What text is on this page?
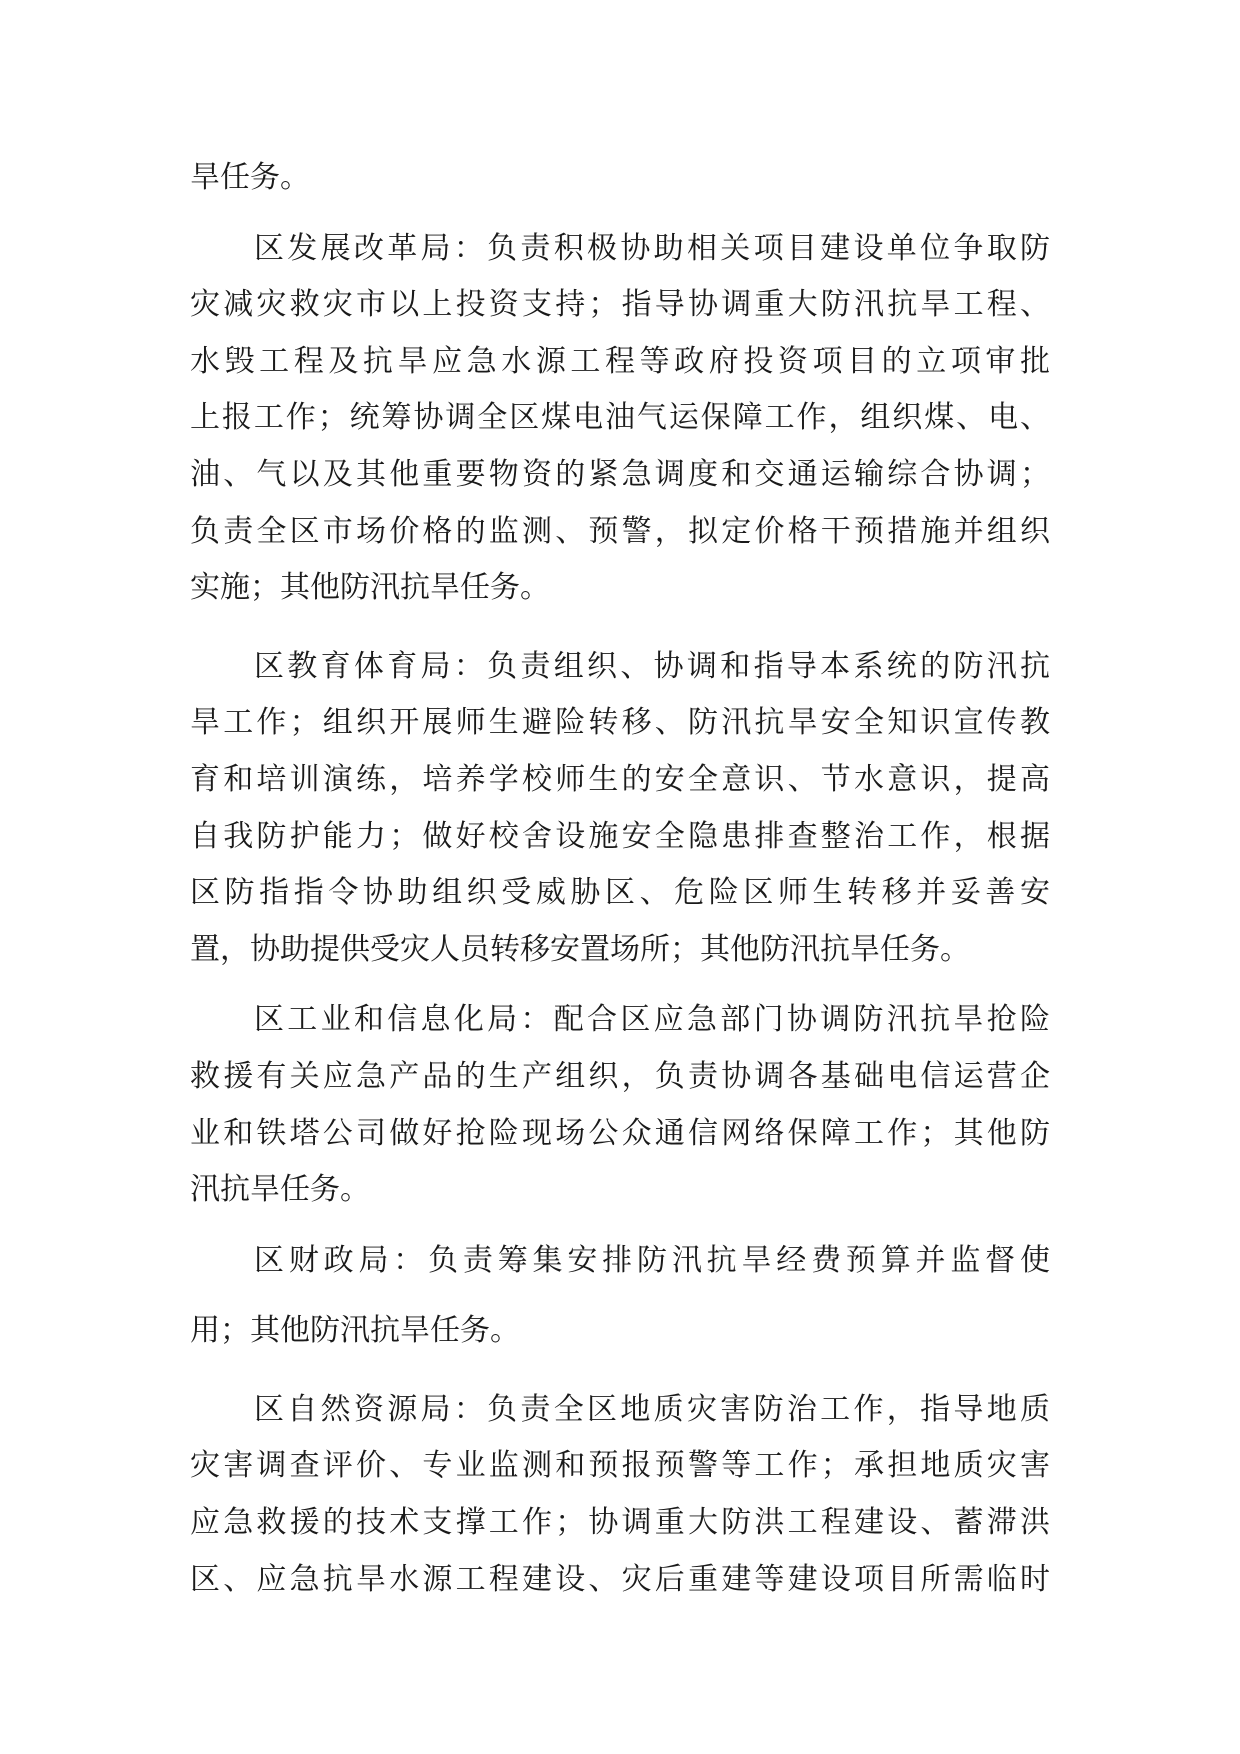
旱任务。
区发展改革局：负责积极协助相关项目建设单位争取防
灾减灾救灾市以上投资支持；指导协调重大防汛抗旱工程、
水毁工程及抗旱应急水源工程等政府投资项目的立项审批
上报工作；统筹协调全区煤电油气运保障工作，组织煤、电、
油、气以及其他重要物资的紧急调度和交通运输综合协调；
负责全区市场价格的监测、预警，拟定价格干预措施并组织
实施；其他防汛抗旱任务。
区教育体育局：负责组织、协调和指导本系统的防汛抗
旱工作；组织开展师生避险转移、防汛抗旱安全知识宣传教
育和培训演练，培养学校师生的安全意识、节水意识，提高
自我防护能力；做好校舍设施安全隐患排查整治工作，根据
区防指指令协助组织受威胁区、危险区师生转移并妥善安
置，协助提供受灾人员转移安置场所；其他防汛抗旱任务。
区工业和信息化局：配合区应急部门协调防汛抗旱抢险
救援有关应急产品的生产组织，负责协调各基础电信运营企
业和铁塔公司做好抢险现场公众通信网络保障工作；其他防
汛抗旱任务。
区财政局：负责筹集安排防汛抗旱经费预算并监督使
用；其他防汛抗旱任务。
区自然资源局：负责全区地质灾害防治工作，指导地质
灾害调查评价、专业监测和预报预警等工作；承担地质灾害
应急救援的技术支撑工作；协调重大防洪工程建设、蓄滞洪
区、应急抗旱水源工程建设、灾后重建等建设项目所需临时
